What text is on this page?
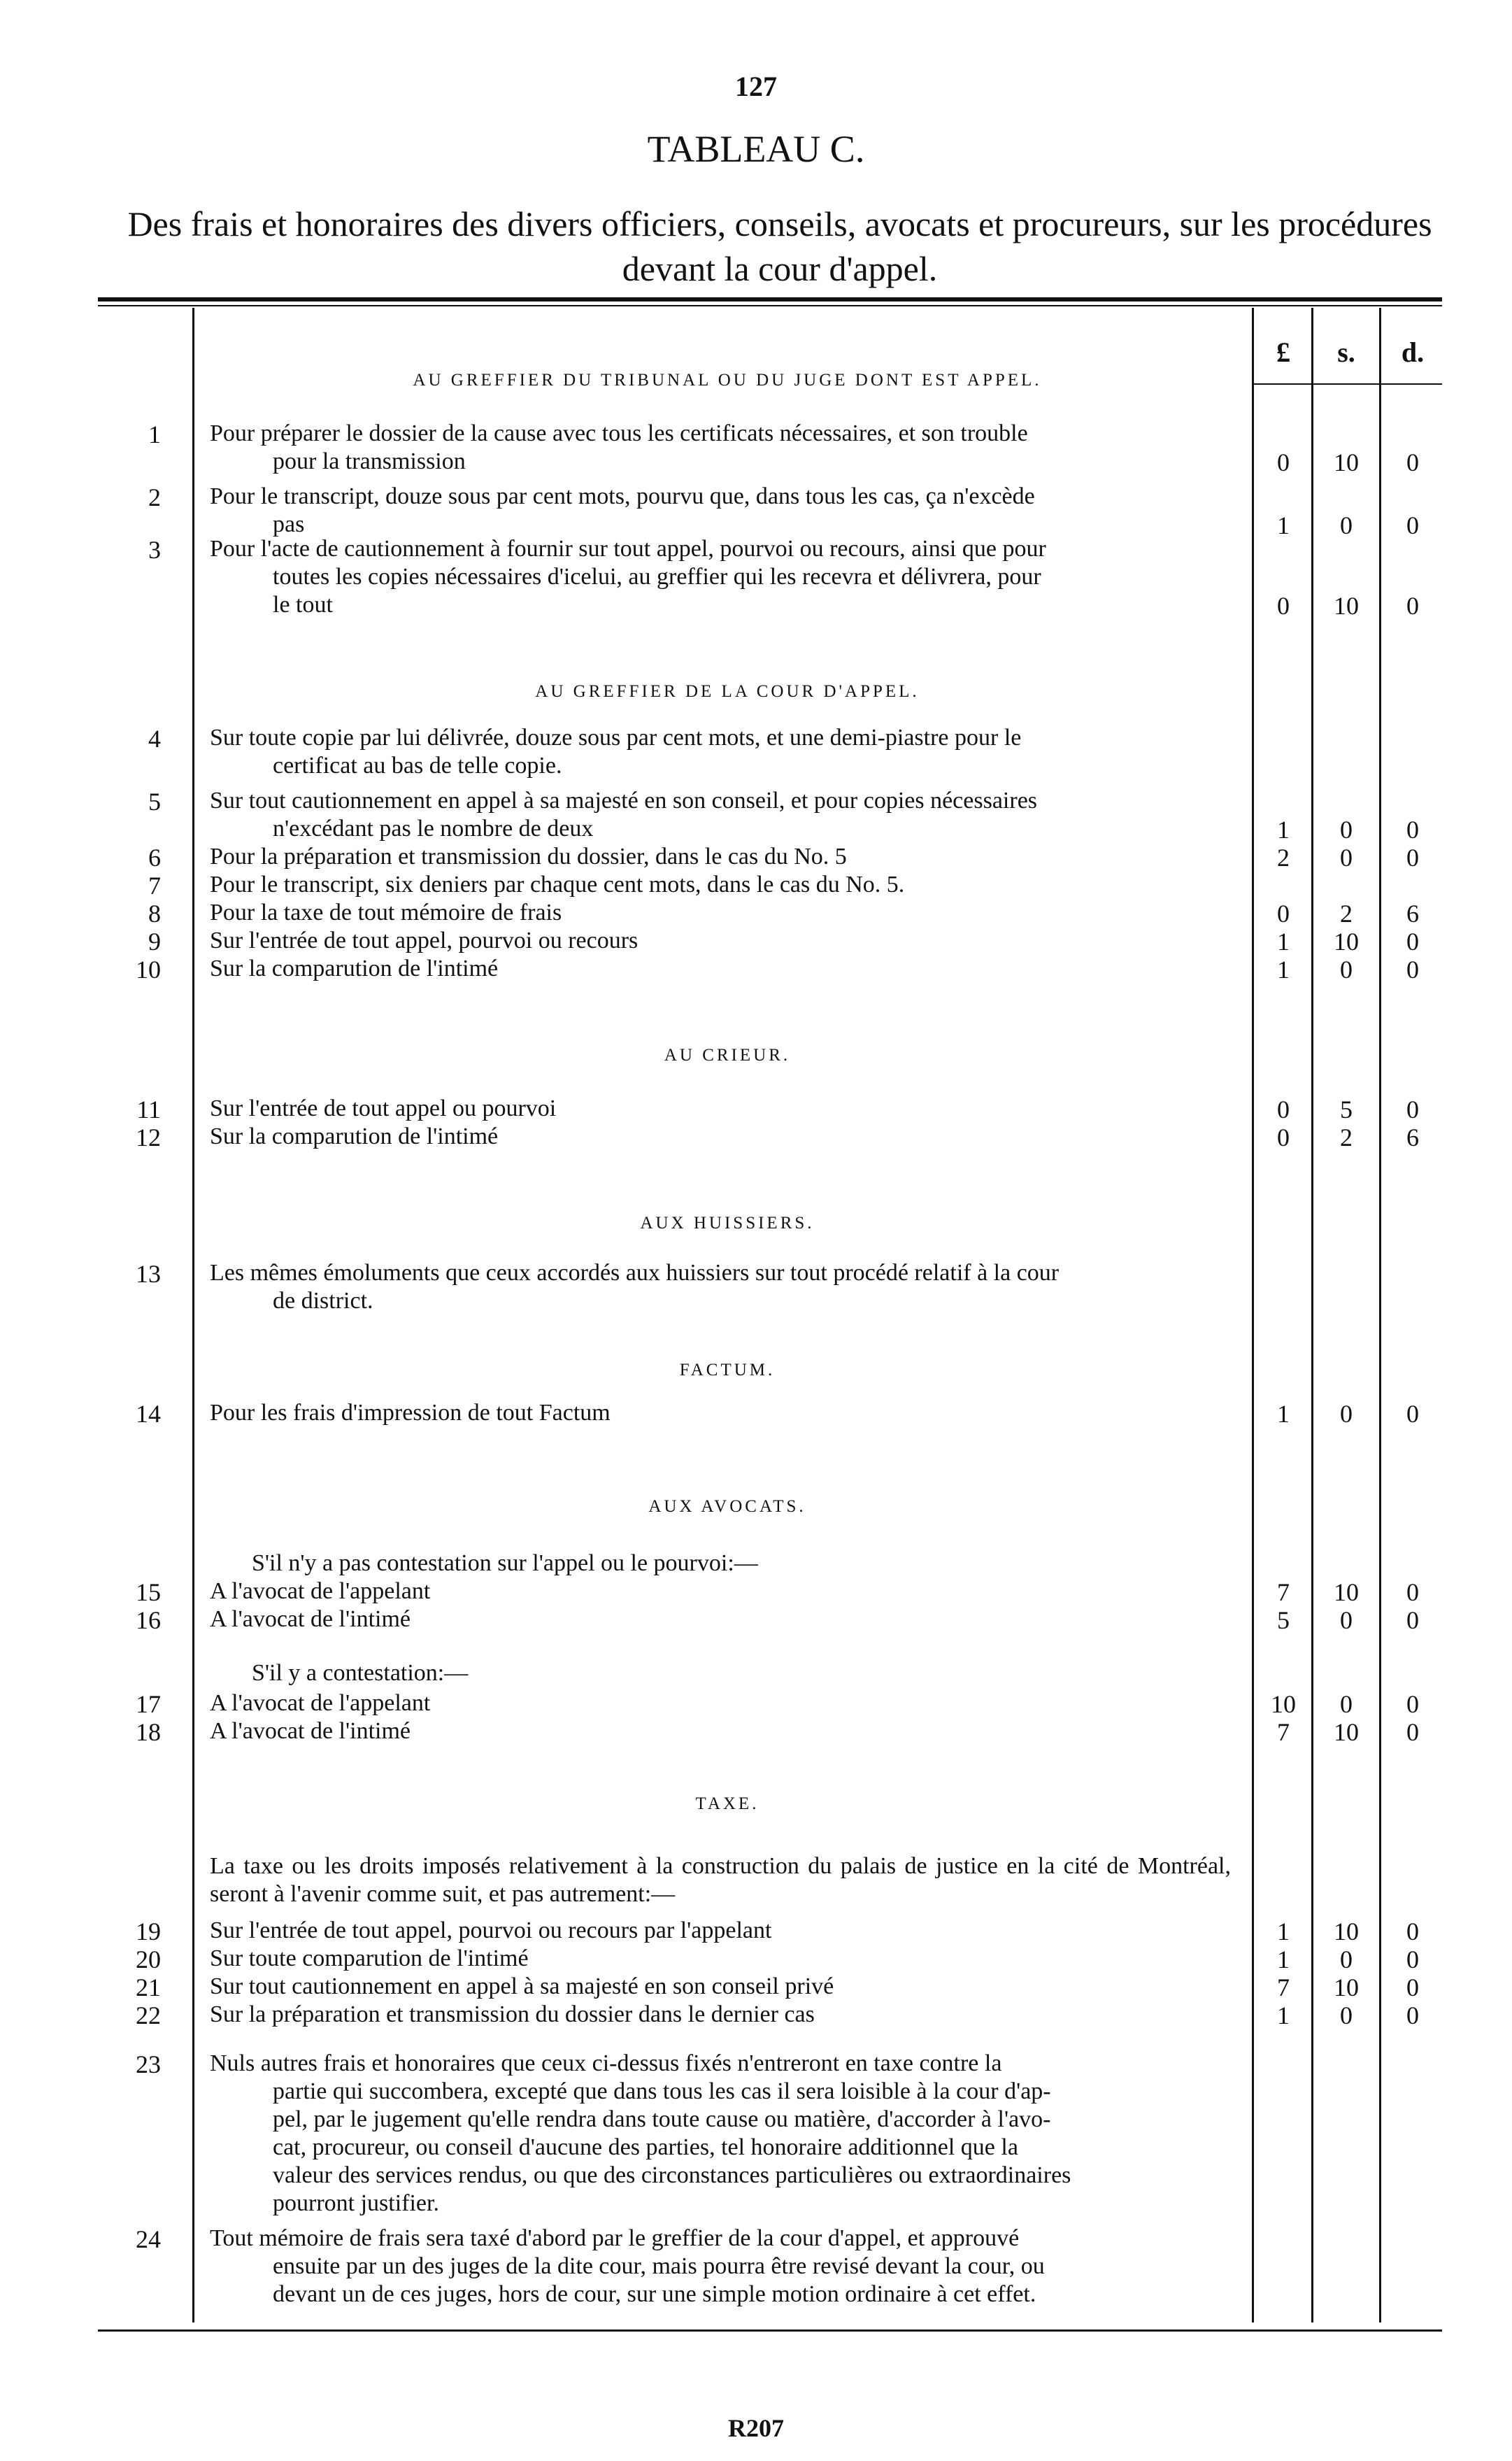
127
TABLEAU C.
Des frais et honoraires des divers officiers, conseils, avocats et procureurs, sur les procédures devant la cour d'appel.
£	s.	d.
AU GREFFIER DU TRIBUNAL OU DU JUGE DONT EST APPEL.
AU GREFFIER DE LA COUR D'APPEL.
AU CRIEUR.
AUX HUISSIERS.
FACTUM.
AUX AVOCATS.
TAXE.
S'il n'y a pas contestation sur l'appel ou le pourvoi:—
S'il y a contestation:—
La taxe ou les droits imposés relativement à la construction du palais de justice en la cité de Montréal, seront à l'avenir comme suit, et pas autrement:—
1 Pour préparer le dossier de la cause avec tous les certificats nécessaires, et son trouble
pour la transmission	0	10	0
2 Pour le transcript, douze sous par cent mots, pourvu que, dans tous les cas, ça n'excède
pas	1	0	0
3 Pour l'acte de cautionnement à fournir sur tout appel, pourvoi ou recours, ainsi que pour
toutes les copies nécessaires d'icelui, au greffier qui les recevra et délivrera, pour
le tout	0	10	0
4 Sur toute copie par lui délivrée, douze sous par cent mots, et une demi-piastre pour le
certificat au bas de telle copie.
5 Sur tout cautionnement en appel à sa majesté en son conseil, et pour copies nécessaires
n'excédant pas le nombre de deux	1	0	0
6 Pour la préparation et transmission du dossier, dans le cas du No. 5	2	0	0
7 Pour le transcript, six deniers par chaque cent mots, dans le cas du No. 5.
8 Pour la taxe de tout mémoire de frais	0	2	6
9 Sur l'entrée de tout appel, pourvoi ou recours	1	10	0
10 Sur la comparution de l'intimé	1	0	0
11 Sur l'entrée de tout appel ou pourvoi	0	5	0
12 Sur la comparution de l'intimé	0	2	6
13 Les mêmes émoluments que ceux accordés aux huissiers sur tout procédé relatif à la cour
de district.
14 Pour les frais d'impression de tout Factum	1	0	0
15 A l'avocat de l'appelant	7	10	0
16 A l'avocat de l'intimé	5	0	0
17 A l'avocat de l'appelant	10	0	0
18 A l'avocat de l'intimé	7	10	0
19 Sur l'entrée de tout appel, pourvoi ou recours par l'appelant	1	10	0
20 Sur toute comparution de l'intimé	1	0	0
21 Sur tout cautionnement en appel à sa majesté en son conseil privé	7	10	0
22 Sur la préparation et transmission du dossier dans le dernier cas	1	0	0
23 Nuls autres frais et honoraires que ceux ci-dessus fixés n'entreront en taxe contre la
partie qui succombera, excepté que dans tous les cas il sera loisible à la cour d'ap-
pel, par le jugement qu'elle rendra dans toute cause ou matière, d'accorder à l'avo-
cat, procureur, ou conseil d'aucune des parties, tel honoraire additionnel que la
valeur des services rendus, ou que des circonstances particulières ou extraordinaires
pourront justifier.
24 Tout mémoire de frais sera taxé d'abord par le greffier de la cour d'appel, et approuvé
ensuite par un des juges de la dite cour, mais pourra être revisé devant la cour, ou
devant un de ces juges, hors de cour, sur une simple motion ordinaire à cet effet.
R207
